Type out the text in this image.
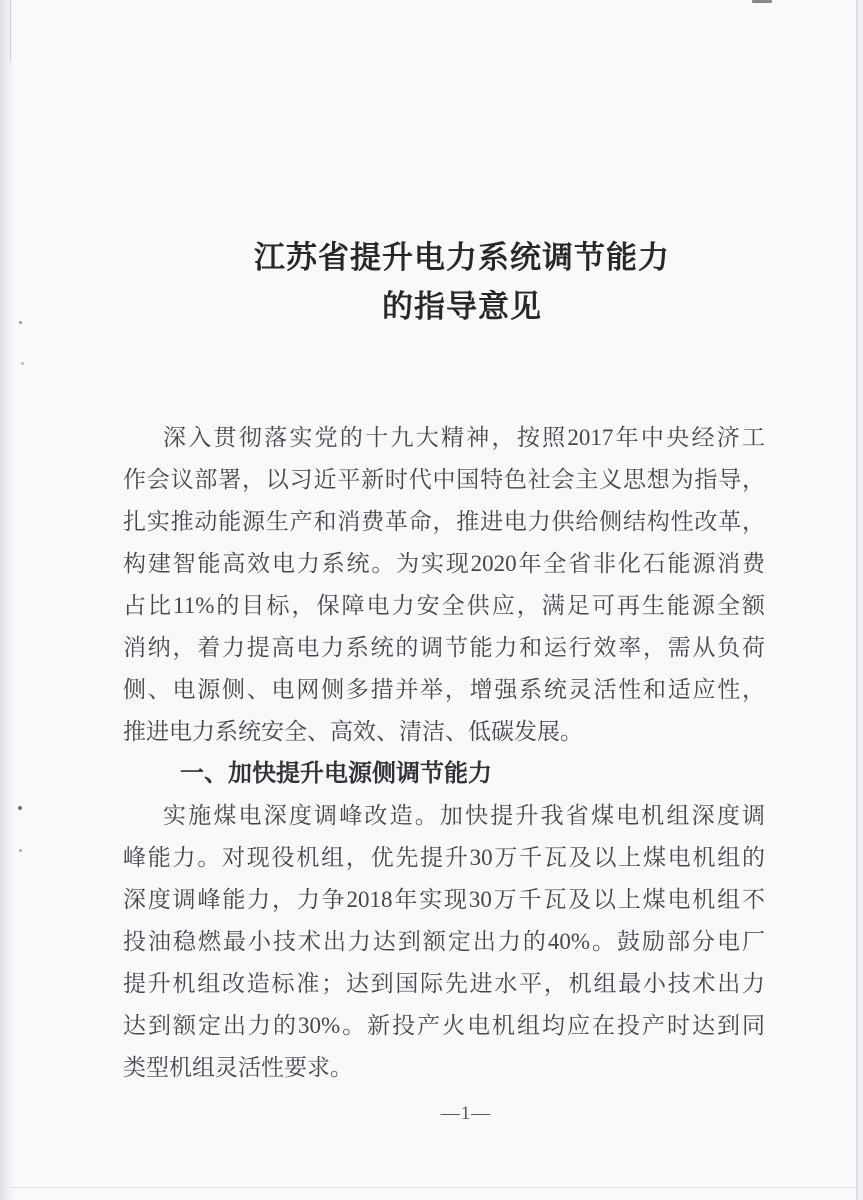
江苏省提升电力系统调节能力
的指导意见
深入贯彻落实党的十九大精神，按照2017年中央经济工
作会议部署，以习近平新时代中国特色社会主义思想为指导，
扎实推动能源生产和消费革命，推进电力供给侧结构性改革，
构建智能高效电力系统。为实现2020年全省非化石能源消费
占比11%的目标，保障电力安全供应，满足可再生能源全额
消纳，着力提高电力系统的调节能力和运行效率，需从负荷
侧、电源侧、电网侧多措并举，增强系统灵活性和适应性，
推进电力系统安全、高效、清洁、低碳发展。
一、加快提升电源侧调节能力
实施煤电深度调峰改造。加快提升我省煤电机组深度调
峰能力。对现役机组，优先提升30万千瓦及以上煤电机组的
深度调峰能力，力争2018年实现30万千瓦及以上煤电机组不
投油稳燃最小技术出力达到额定出力的40%。鼓励部分电厂
提升机组改造标准；达到国际先进水平，机组最小技术出力
达到额定出力的30%。新投产火电机组均应在投产时达到同
类型机组灵活性要求。
—1—
